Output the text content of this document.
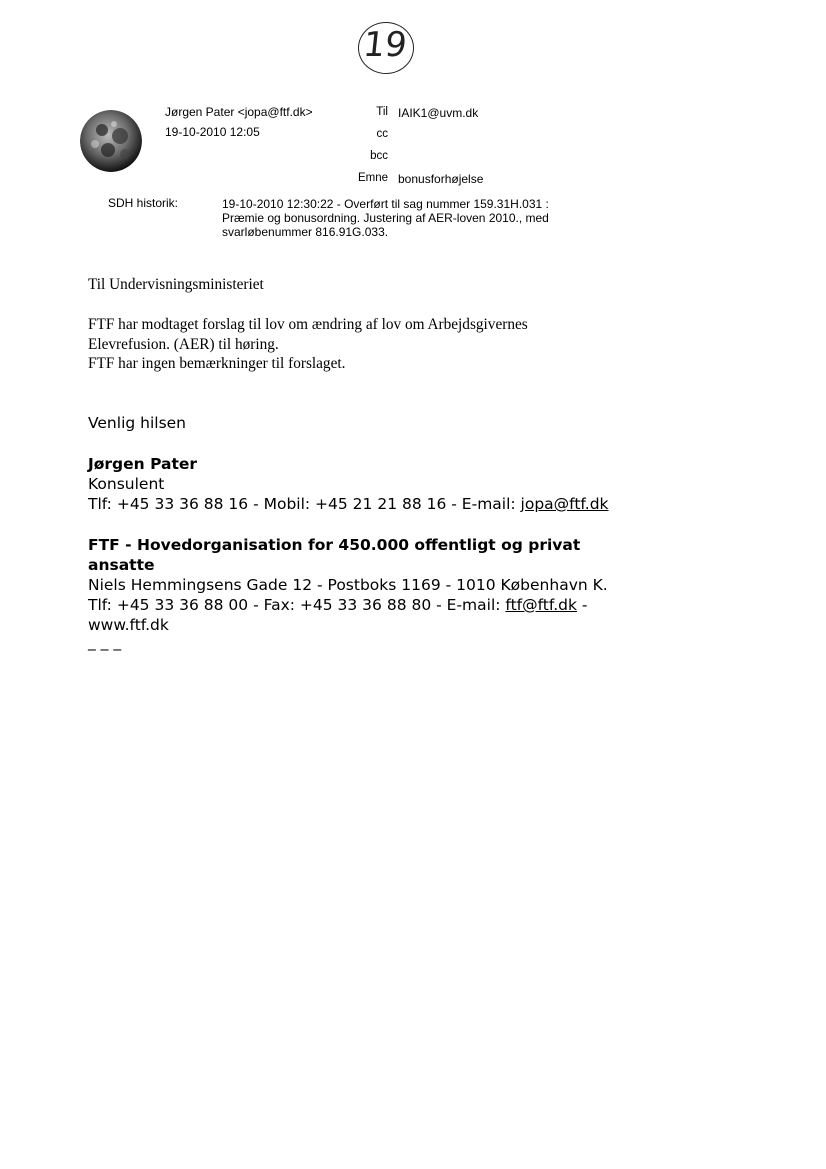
19
Jørgen Pater <jopa@ftf.dk>
19-10-2010 12:05
Til IAIK1@uvm.dk
cc
bcc
Emne bonusforhøjelse
SDH historik:	19-10-2010 12:30:22 - Overført til sag nummer 159.31H.031 :
Præmie og bonusordning. Justering af AER-loven 2010., med
svarløbenummer 816.91G.033.
Til Undervisningsministeriet
FTF har modtaget forslag til lov om ændring af lov om Arbejdsgivernes
Elevrefusion. (AER) til høring.
FTF har ingen bemærkninger til forslaget.
Venlig hilsen
Jørgen Pater
Konsulent
Tlf: +45 33 36 88 16 - Mobil: +45 21 21 88 16 - E-mail: jopa@ftf.dk
FTF - Hovedorganisation for 450.000 offentligt og privat
ansatte
Niels Hemmingsens Gade 12 - Postboks 1169 - 1010 København K.
Tlf: +45 33 36 88 00 - Fax: +45 33 36 88 80 - E-mail: ftf@ftf.dk -
www.ftf.dk
_ _ _
